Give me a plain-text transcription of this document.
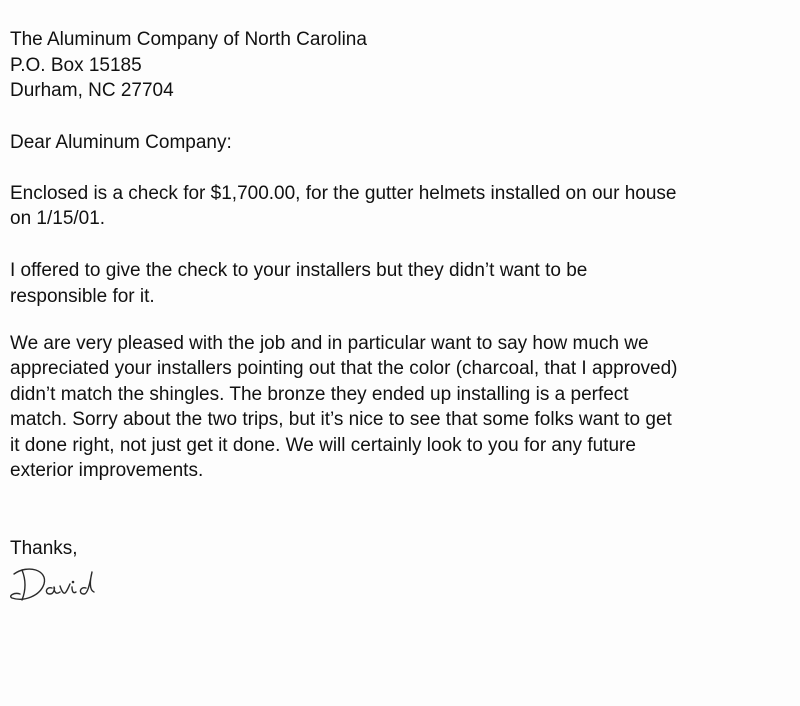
The Aluminum Company of North Carolina

P.O. Box 15185

Durham, NC 27704

Dear Aluminum Company:

Enclosed is a check for $1,700.00, for the gutter helmets installed on our house

on 1/15/01.

I offered to give the check to your installers but they didn’t want to be

responsible for it.

We are very pleased with the job and in particular want to say how much we

appreciated your installers pointing out that the color (charcoal, that I approved)

didn’t match the shingles. The bronze they ended up installing is a perfect

match. Sorry about the two trips, but it’s nice to see that some folks want to get

it done right, not just get it done. We will certainly look to you for any future

exterior improvements.

Thanks,
